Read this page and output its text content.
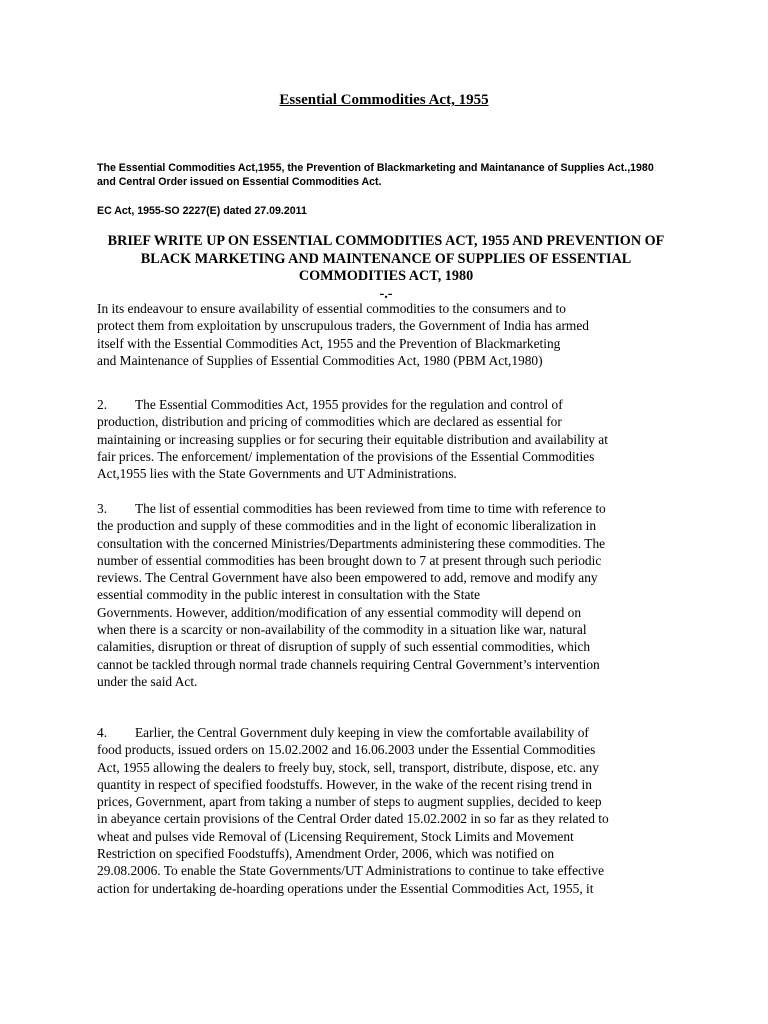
Essential Commodities Act, 1955
The Essential Commodities Act,1955, the Prevention of Blackmarketing and Maintanance of Supplies Act.,1980
and Central Order issued on Essential Commodities Act.
EC Act, 1955-SO 2227(E) dated 27.09.2011
BRIEF WRITE UP ON ESSENTIAL COMMODITIES ACT, 1955 AND PREVENTION OF BLACK MARKETING AND MAINTENANCE OF SUPPLIES OF ESSENTIAL COMMODITIES ACT, 1980
-.-
In its endeavour to ensure availability of essential commodities to the consumers and to
protect them from exploitation by unscrupulous traders, the Government of India has armed
itself with the Essential Commodities Act, 1955 and the Prevention of Blackmarketing
and Maintenance of Supplies of Essential Commodities Act, 1980 (PBM Act,1980)
2. The Essential Commodities Act, 1955 provides for the regulation and control of
production, distribution and pricing of commodities which are declared as essential for
maintaining or increasing supplies or for securing their equitable distribution and availability at
fair prices. The enforcement/ implementation of the provisions of the Essential Commodities
Act,1955 lies with the State Governments and UT Administrations.
3. The list of essential commodities has been reviewed from time to time with reference to
the production and supply of these commodities and in the light of economic liberalization in
consultation with the concerned Ministries/Departments administering these commodities. The
number of essential commodities has been brought down to 7 at present through such periodic
reviews. The Central Government have also been empowered to add, remove and modify any
essential commodity in the public interest in consultation with the State
Governments. However, addition/modification of any essential commodity will depend on
when there is a scarcity or non-availability of the commodity in a situation like war, natural
calamities, disruption or threat of disruption of supply of such essential commodities, which
cannot be tackled through normal trade channels requiring Central Government’s intervention
under the said Act.
4. Earlier, the Central Government duly keeping in view the comfortable availability of
food products, issued orders on 15.02.2002 and 16.06.2003 under the Essential Commodities
Act, 1955 allowing the dealers to freely buy, stock, sell, transport, distribute, dispose, etc. any
quantity in respect of specified foodstuffs. However, in the wake of the recent rising trend in
prices, Government, apart from taking a number of steps to augment supplies, decided to keep
in abeyance certain provisions of the Central Order dated 15.02.2002 in so far as they related to
wheat and pulses vide Removal of (Licensing Requirement, Stock Limits and Movement
Restriction on specified Foodstuffs), Amendment Order, 2006, which was notified on
29.08.2006. To enable the State Governments/UT Administrations to continue to take effective
action for undertaking de-hoarding operations under the Essential Commodities Act, 1955, it
